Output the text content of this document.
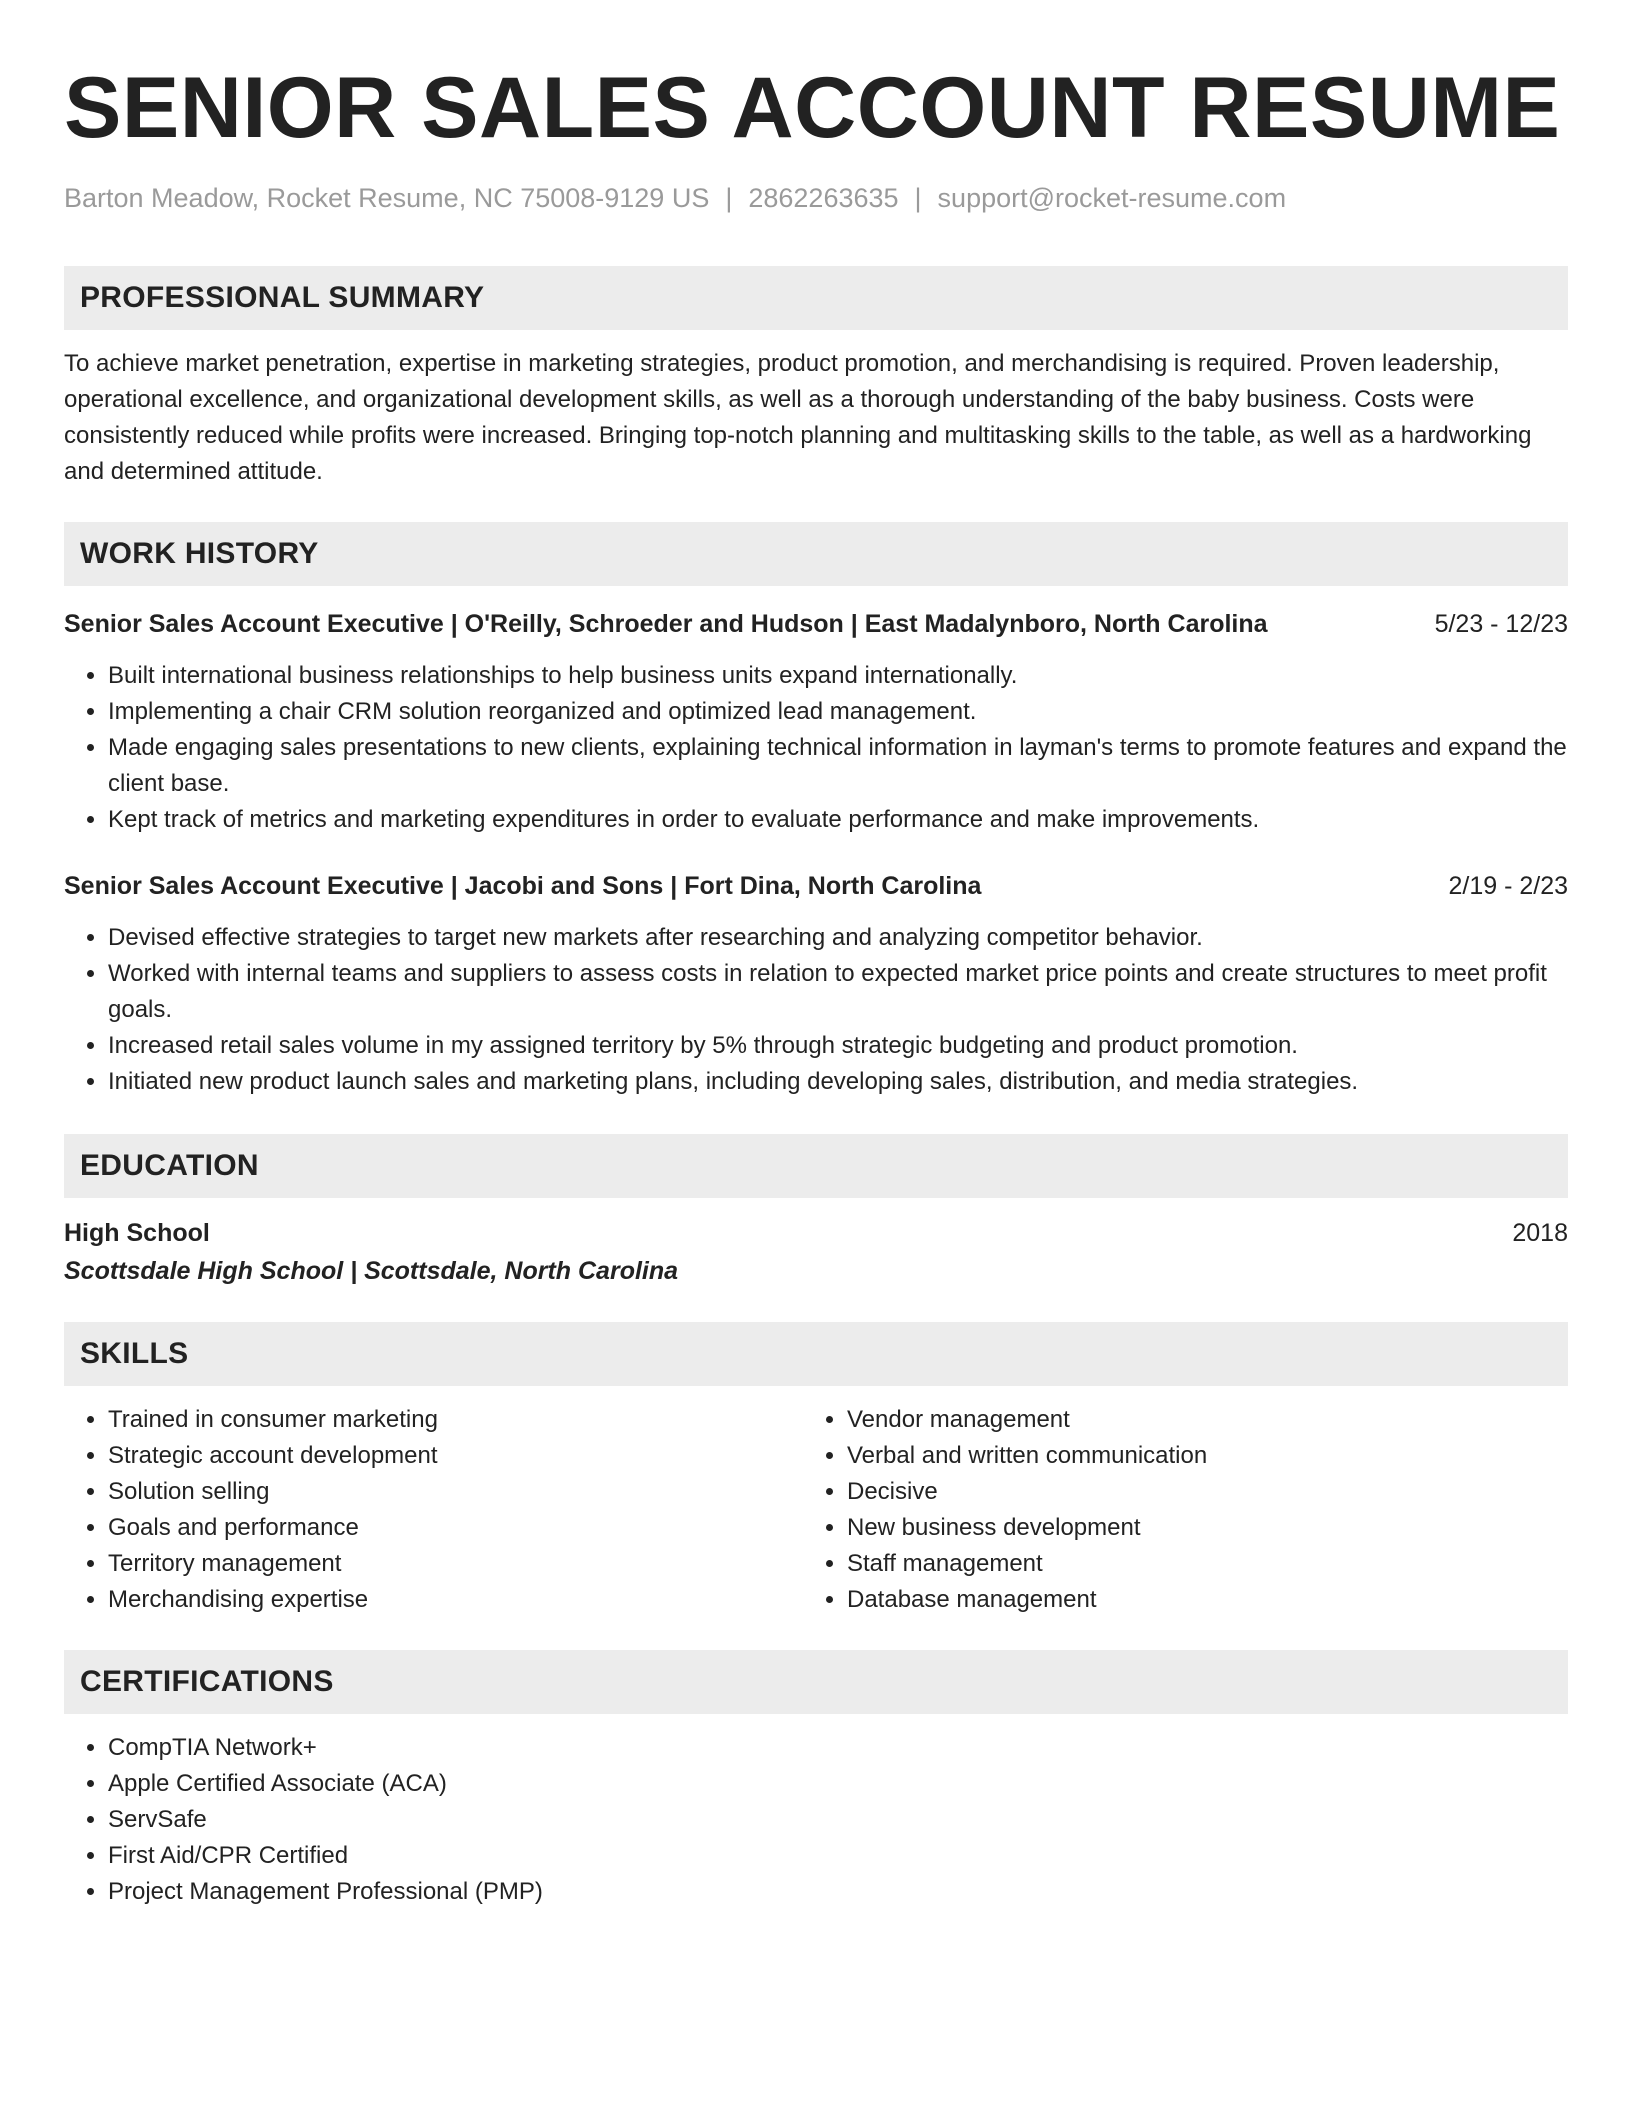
SENIOR SALES ACCOUNT RESUME
Barton Meadow, Rocket Resume, NC 75008-9129 US | 2862263635 | support@rocket-resume.com
PROFESSIONAL SUMMARY
To achieve market penetration, expertise in marketing strategies, product promotion, and merchandising is required. Proven leadership, operational excellence, and organizational development skills, as well as a thorough understanding of the baby business. Costs were consistently reduced while profits were increased. Bringing top-notch planning and multitasking skills to the table, as well as a hardworking and determined attitude.
WORK HISTORY
Senior Sales Account Executive | O'Reilly, Schroeder and Hudson | East Madalynboro, North Carolina	5/23 - 12/23
• Built international business relationships to help business units expand internationally.
• Implementing a chair CRM solution reorganized and optimized lead management.
• Made engaging sales presentations to new clients, explaining technical information in layman's terms to promote features and expand the client base.
• Kept track of metrics and marketing expenditures in order to evaluate performance and make improvements.
Senior Sales Account Executive | Jacobi and Sons | Fort Dina, North Carolina	2/19 - 2/23
• Devised effective strategies to target new markets after researching and analyzing competitor behavior.
• Worked with internal teams and suppliers to assess costs in relation to expected market price points and create structures to meet profit goals.
• Increased retail sales volume in my assigned territory by 5% through strategic budgeting and product promotion.
• Initiated new product launch sales and marketing plans, including developing sales, distribution, and media strategies.
EDUCATION
High School	2018
Scottsdale High School | Scottsdale, North Carolina
SKILLS
• Trained in consumer marketing
• Strategic account development
• Solution selling
• Goals and performance
• Territory management
• Merchandising expertise
• Vendor management
• Verbal and written communication
• Decisive
• New business development
• Staff management
• Database management
CERTIFICATIONS
• CompTIA Network+
• Apple Certified Associate (ACA)
• ServSafe
• First Aid/CPR Certified
• Project Management Professional (PMP)
